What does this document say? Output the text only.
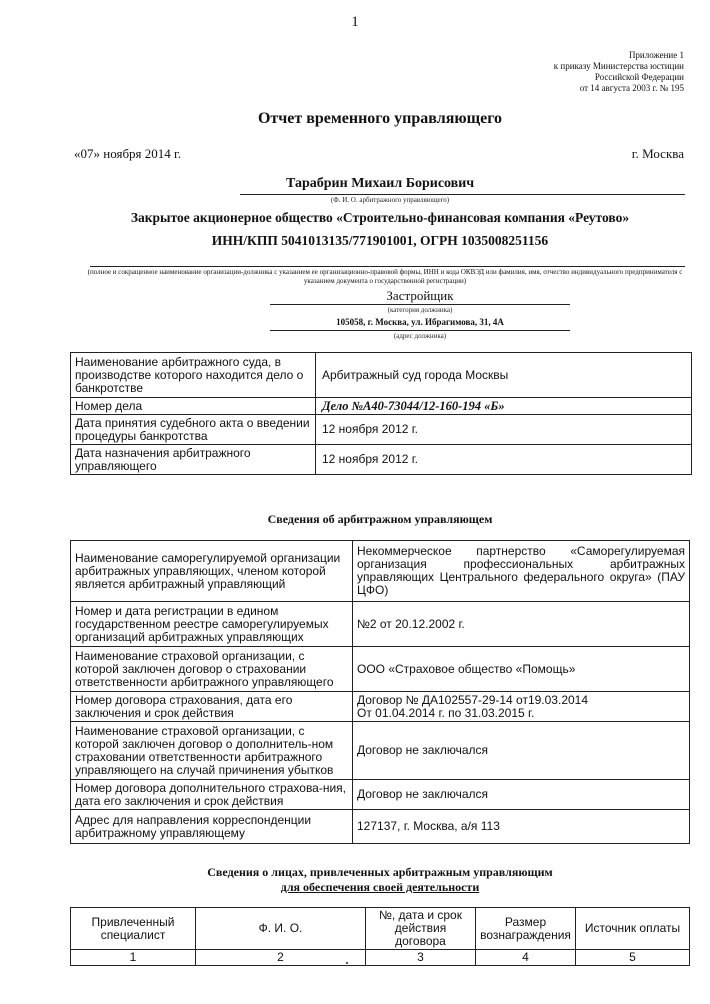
1
Приложение 1
к приказу Министерства юстиции
Российской Федерации
от 14 августа 2003 г. № 195
Отчет временного управляющего
«07» ноября 2014 г.	г. Москва
Тарабрин Михаил Борисович
(Ф. И. О. арбитражного управляющего)
Закрытое акционерное общество «Строительно-финансовая компания «Реутово»
ИНН/КПП 5041013135/771901001, ОГРН 1035008251156
(полное и сокращенное наименование организации-должника с указанием ее организационно-правовой формы, ИНН и кода ОКВЭД или фамилия, имя, отчество индивидуального предпринимателя с указанием документа о государственной регистрации)
Застройщик
(категория должника)
105058, г. Москва, ул. Ибрагимова, 31, 4А
(адрес должника)
Наименование арбитражного суда, в производстве которого находится дело о банкротстве	Арбитражный суд города Москвы
Номер дела	Дело №А40-73044/12-160-194 «Б»
Дата принятия судебного акта о введении процедуры банкротства	12 ноября 2012 г.
Дата назначения арбитражного управляющего	12 ноября 2012 г.
Сведения об арбитражном управляющем
Наименование саморегулируемой организации арбитражных управляющих, членом которой является арбитражный управляющий	Некоммерческое партнерство «Саморегулируемая организация профессиональных арбитражных управляющих Центрального федерального округа» (ПАУ ЦФО)
Номер и дата регистрации в едином государственном реестре саморегулируемых организаций арбитражных управляющих	№2 от 20.12.2002 г.
Наименование страховой организации, с которой заключен договор о страховании ответственности арбитражного управляющего	ООО «Страховое общество «Помощь»
Номер договора страхования, дата его заключения и срок действия	Договор № ДА102557-29-14 от19.03.2014
От 01.04.2014 г. по 31.03.2015 г.

Наименование страховой организации, с которой заключен договор о дополнитель-ном страховании ответственности арбитражного управляющего на случай причинения убытков	Договор не заключался
Номер договора дополнительного страхова-ния, дата его заключения и срок действия	Договор не заключался
Адрес для направления корреспонденции арбитражному управляющему	127137, г. Москва, а/я 113
Сведения о лицах, привлеченных арбитражным управляющим
для обеспечения своей деятельности
Привлеченный специалист	Ф. И. О.	№, дата и срок действия договора	Размер вознаграждения	Источник оплаты
1	2	3	4	5
